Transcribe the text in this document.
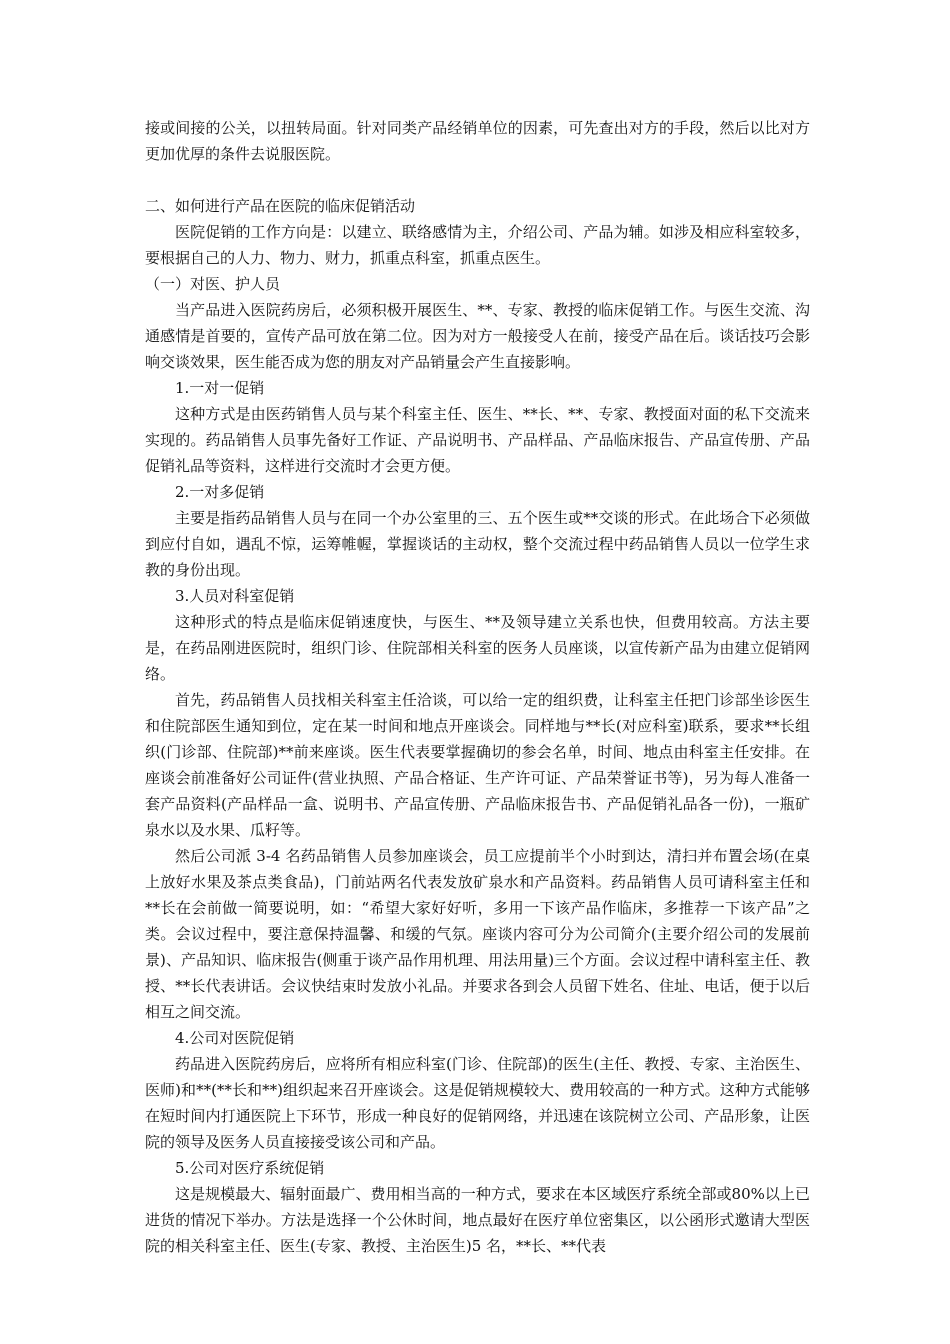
接或间接的公关，以扭转局面。针对同类产品经销单位的因素，可先查出对方的手段，然后以比对方更加优厚的条件去说服医院。

二、如何进行产品在医院的临床促销活动

医院促销的工作方向是：以建立、联络感情为主，介绍公司、产品为辅。如涉及相应科室较多，要根据自己的人力、物力、财力，抓重点科室，抓重点医生。

（一）对医、护人员

当产品进入医院药房后，必须积极开展医生、**、专家、教授的临床促销工作。与医生交流、沟通感情是首要的，宣传产品可放在第二位。因为对方一般接受人在前，接受产品在后。谈话技巧会影响交谈效果，医生能否成为您的朋友对产品销量会产生直接影响。

1.一对一促销

这种方式是由医药销售人员与某个科室主任、医生、**长、**、专家、教授面对面的私下交流来实现的。药品销售人员事先备好工作证、产品说明书、产品样品、产品临床报告、产品宣传册、产品促销礼品等资料，这样进行交流时才会更方便。

2.一对多促销

主要是指药品销售人员与在同一个办公室里的三、五个医生或**交谈的形式。在此场合下必须做到应付自如，遇乱不惊，运筹帷幄，掌握谈话的主动权，整个交流过程中药品销售人员以一位学生求教的身份出现。

3.人员对科室促销

这种形式的特点是临床促销速度快，与医生、**及领导建立关系也快，但费用较高。方法主要是，在药品刚进医院时，组织门诊、住院部相关科室的医务人员座谈，以宣传新产品为由建立促销网络。

首先，药品销售人员找相关科室主任洽谈，可以给一定的组织费，让科室主任把门诊部坐诊医生和住院部医生通知到位，定在某一时间和地点开座谈会。同样地与**长(对应科室)联系，要求**长组织(门诊部、住院部)**前来座谈。医生代表要掌握确切的参会名单，时间、地点由科室主任安排。在座谈会前准备好公司证件(营业执照、产品合格证、生产许可证、产品荣誉证书等)，另为每人准备一套产品资料(产品样品一盒、说明书、产品宣传册、产品临床报告书、产品促销礼品各一份)，一瓶矿泉水以及水果、瓜籽等。

然后公司派 3-4 名药品销售人员参加座谈会，员工应提前半个小时到达，清扫并布置会场(在桌上放好水果及茶点类食品)，门前站两名代表发放矿泉水和产品资料。药品销售人员可请科室主任和**长在会前做一简要说明，如：“希望大家好好听，多用一下该产品作临床，多推荐一下该产品”之类。会议过程中，要注意保持温馨、和缓的气氛。座谈内容可分为公司简介(主要介绍公司的发展前景)、产品知识、临床报告(侧重于谈产品作用机理、用法用量)三个方面。会议过程中请科室主任、教授、**长代表讲话。会议快结束时发放小礼品。并要求各到会人员留下姓名、住址、电话，便于以后相互之间交流。

4.公司对医院促销

药品进入医院药房后，应将所有相应科室(门诊、住院部)的医生(主任、教授、专家、主治医生、医师)和**(**长和**)组织起来召开座谈会。这是促销规模较大、费用较高的一种方式。这种方式能够在短时间内打通医院上下环节，形成一种良好的促销网络，并迅速在该院树立公司、产品形象，让医院的领导及医务人员直接接受该公司和产品。

5.公司对医疗系统促销

这是规模最大、辐射面最广、费用相当高的一种方式，要求在本区域医疗系统全部或80%以上已进货的情况下举办。方法是选择一个公休时间，地点最好在医疗单位密集区，以公函形式邀请大型医院的相关科室主任、医生(专家、教授、主治医生)5 名，**长、**代表
